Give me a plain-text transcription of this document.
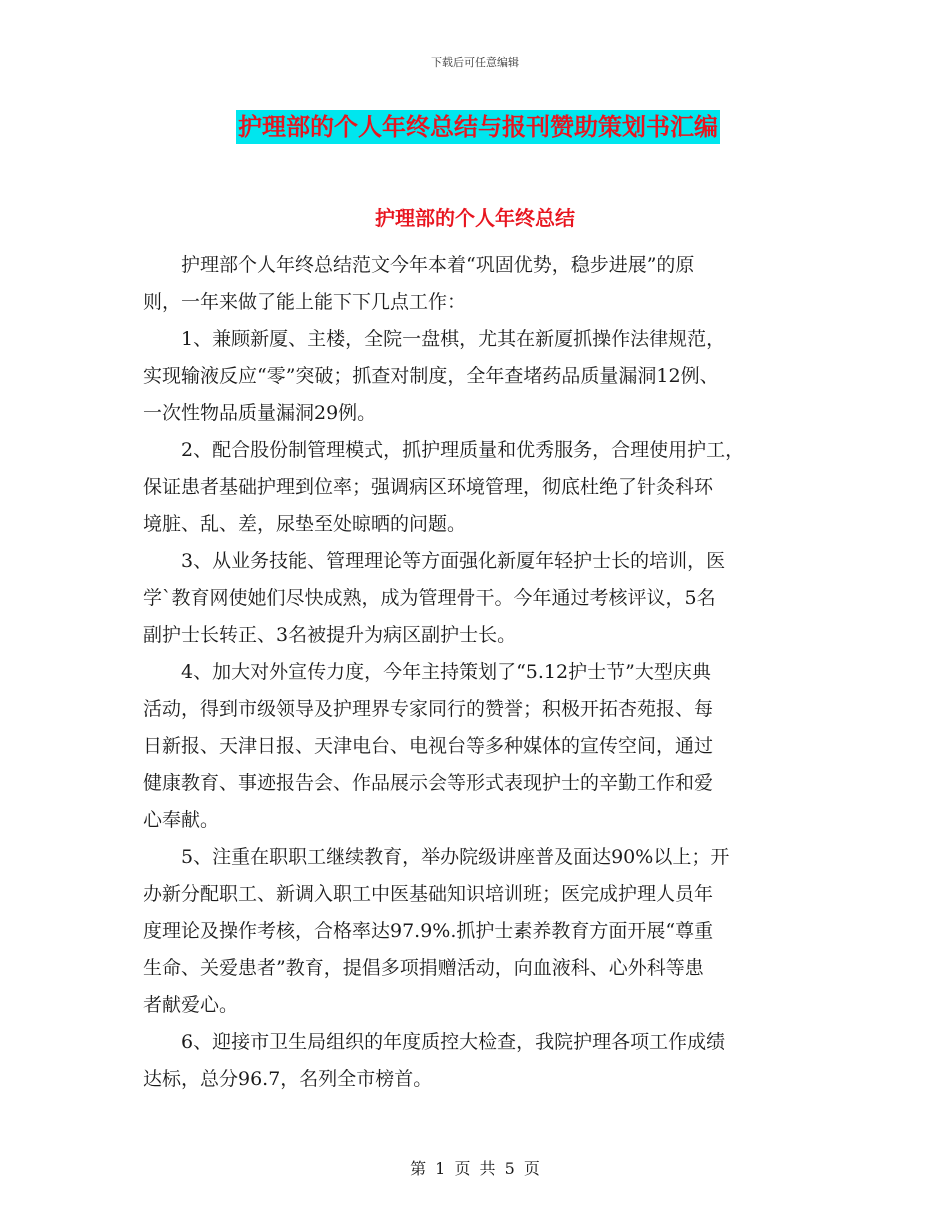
下载后可任意编辑
护理部的个人年终总结与报刊赞助策划书汇编
护理部的个人年终总结

　　护理部个人年终总结范文今年本着“巩固优势，稳步进展”的原
则，一年来做了能上能下下几点工作：

　　1、兼顾新厦、主楼，全院一盘棋，尤其在新厦抓操作法律规范，
实现输液反应“零”突破；抓查对制度，全年查堵药品质量漏洞12例、
一次性物品质量漏洞29例。

　　2、配合股份制管理模式，抓护理质量和优秀服务，合理使用护工，
保证患者基础护理到位率；强调病区环境管理，彻底杜绝了针灸科环
境脏、乱、差，尿垫至处晾晒的问题。

　　3、从业务技能、管理理论等方面强化新厦年轻护士长的培训，医
学`教育网使她们尽快成熟，成为管理骨干。今年通过考核评议，5名
副护士长转正、3名被提升为病区副护士长。

　　4、加大对外宣传力度，今年主持策划了“5.12护士节”大型庆典
活动，得到市级领导及护理界专家同行的赞誉；积极开拓杏苑报、每
日新报、天津日报、天津电台、电视台等多种媒体的宣传空间，通过
健康教育、事迹报告会、作品展示会等形式表现护士的辛勤工作和爱
心奉献。

　　5、注重在职职工继续教育，举办院级讲座普及面达90%以上；开
办新分配职工、新调入职工中医基础知识培训班；医完成护理人员年
度理论及操作考核，合格率达97.9%.抓护士素养教育方面开展“尊重
生命、关爱患者”教育，提倡多项捐赠活动，向血液科、心外科等患
者献爱心。

　　6、迎接市卫生局组织的年度质控大检查，我院护理各项工作成绩
达标，总分96.7，名列全市榜首。

第 1 页 共 5 页
